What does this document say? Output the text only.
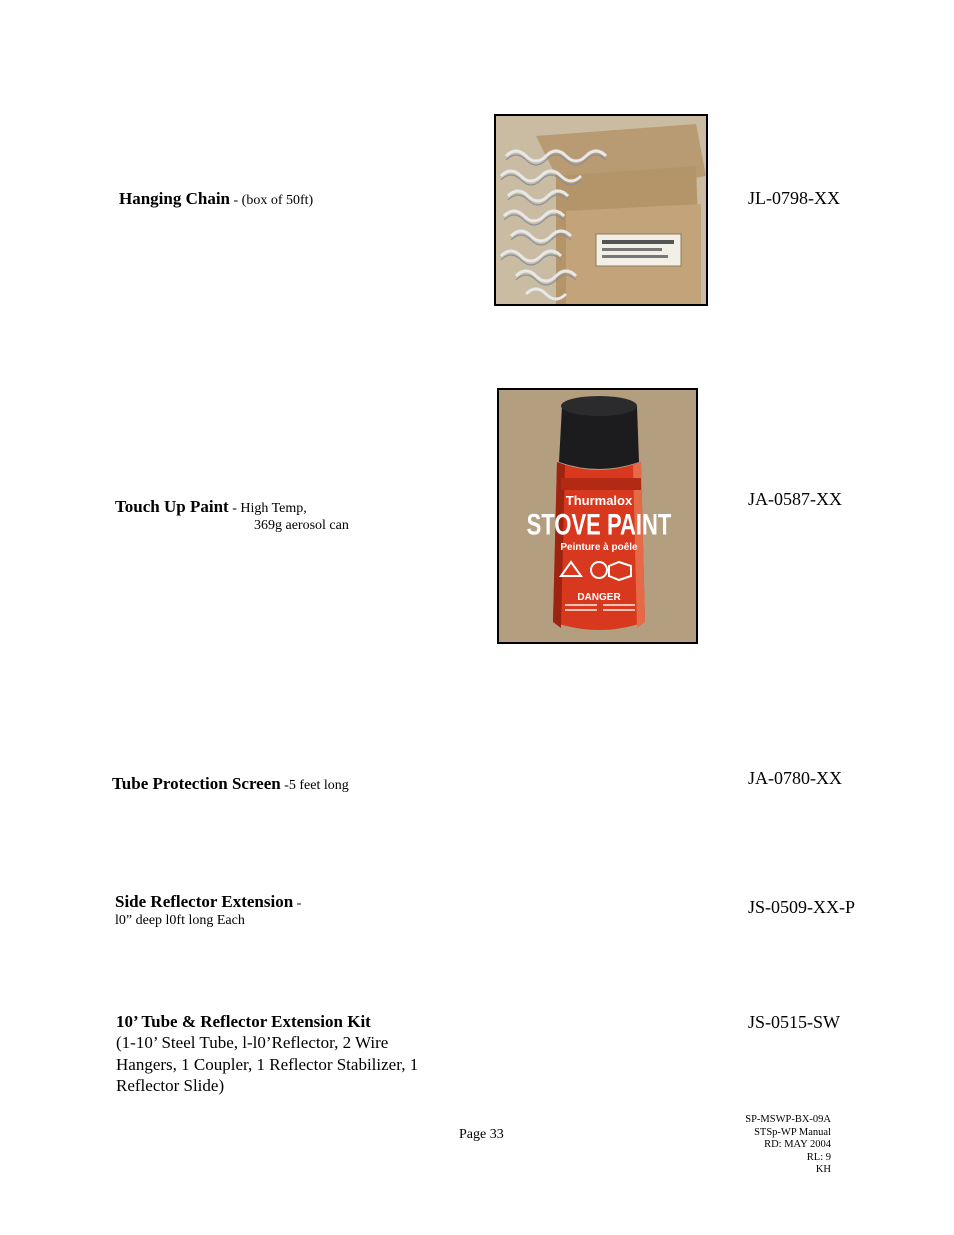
Hanging Chain - (box of 50ft)	JL-0798-XX
Touch Up Paint - High Temp,
369g aerosol can
JA-0587-XX
Thurmalox
STOVE PAINT
Peinture à poêle
DANGER
Tube Protection Screen -5 feet long	JA-0780-XX
Side Reflector Extension -
l0” deep l0ft long Each
JS-0509-XX-P
10’ Tube & Reflector Extension Kit
(1-10’ Steel Tube, l-l0’Reflector, 2 Wire
Hangers, 1 Coupler, 1 Reflector Stabilizer, 1
Reflector Slide)
JS-0515-SW
Page 33
SP-MSWP-BX-09A
STSp-WP Manual
RD: MAY 2004
RL: 9
KH
